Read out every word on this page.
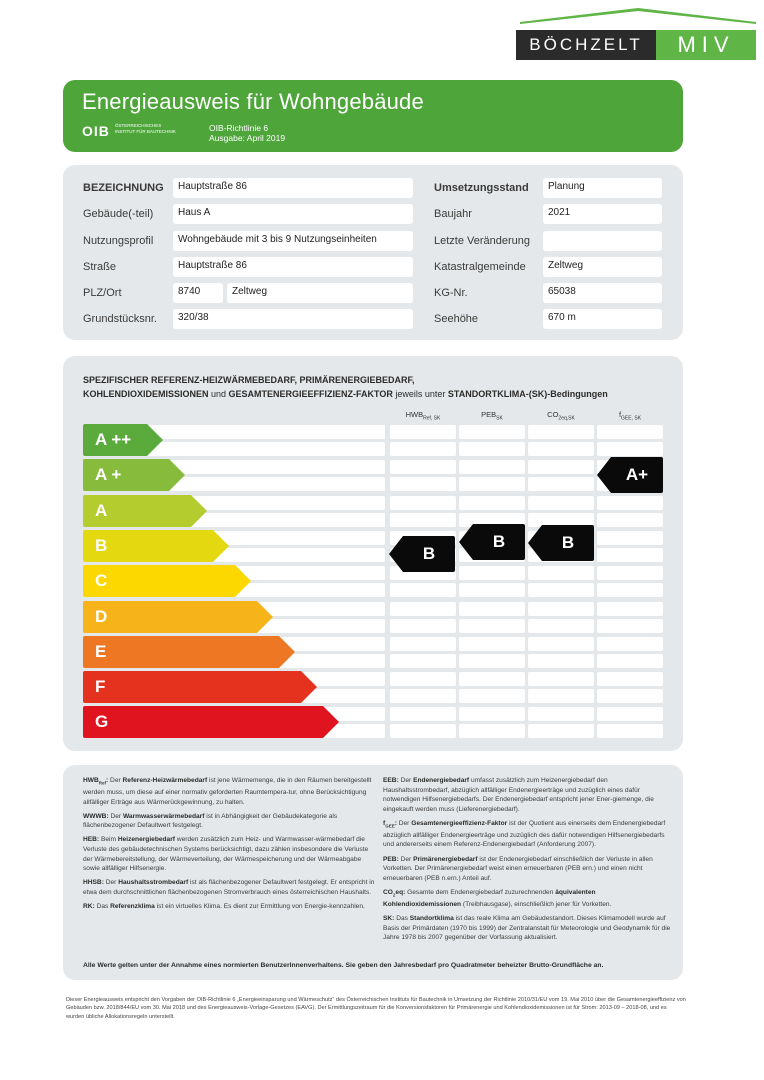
BÖCHZELT	MIV
Energieausweis für Wohngebäude
OIB ÖSTERREICHISCHES
INSTITUT FÜR BAUTECHNIK	OIB-Richtlinie 6
Ausgabe: April 2019
BEZEICHNUNG	Hauptstraße 86
Gebäude(-teil)	Haus A
Nutzungsprofil	Wohngebäude mit 3 bis 9 Nutzungseinheiten
Straße	Hauptstraße 86
PLZ/Ort	8740	Zeltweg
Grundstücksnr.	320/38
Umsetzungsstand	Planung
Baujahr	2021
Letzte Veränderung
Katastralgemeinde	Zeltweg
KG-Nr.	65038
Seehöhe	670 m
SPEZIFISCHER REFERENZ-HEIZWÄRMEBEDARF, PRIMÄRENERGIEBEDARF,
KOHLENDIOXIDEMISSIONEN und GESAMTENERGIEEFFIZIENZ-FAKTOR jeweils unter STANDORTKLIMA-(SK)-Bedingungen
$HWB_{Ref, SK}$	$PEB_{SK}$	$CO_{2eq,SK}$	$f_{GEE, SK}$
A ++
A +
A
B
C
D
E
F
G
B
B	B
A+

$HWB_{Ref}$: Der Referenz-Heizwärmebedarf ist jene Wärmemenge, die in den Räumen bereitgestellt werden muss, um diese auf einer normativ geforderten Raumtempera-tur, ohne Berücksichtigung allfälliger Erträge aus Wärmerückgewinnung, zu halten.

WWWB: Der Warmwasserwärmebedarf ist in Abhängigkeit der Gebäudekategorie als flächenbezogener Defaultwert festgelegt.

HEB: Beim Heizenergiebedarf werden zusätzlich zum Heiz- und Warmwasser-wärmebedarf die Verluste des gebäudetechnischen Systems berücksichtigt, dazu zählen insbesondere die Verluste der Wärmebereitstellung, der Wärmeverteilung, der Wärmespeicherung und der Wärmeabgabe sowie allfälliger Hilfsenergie.

HHSB: Der Haushaltsstrombedarf ist als flächenbezogener Defaultwert festgelegt. Er entspricht in etwa dem durchschnittlichen flächenbezogenen Stromverbrauch eines österreichischen Haushalts.

RK: Das Referenzklima ist ein virtuelles Klima. Es dient zur Ermittlung von Energie-kennzahlen.

EEB: Der Endenergiebedarf umfasst zusätzlich zum Heizenergiebedarf den Haushaltsstrombedarf, abzüglich allfälliger Endenergieerträge und zuzüglich eines dafür notwendigen Hilfsenergiebedarfs. Der Endenergiebedarf entspricht jener Ener-giemenge, die eingekauft werden muss (Lieferenergiebedarf).

$f_{GEE}$: Der Gesamtenergieeffizienz-Faktor ist der Quotient aus einerseits dem Endenergiebedarf abzüglich allfälliger Endenergieerträge und zuzüglich des dafür notwendigen Hilfsenergiebedarfs und andererseits einem Referenz-Endenergiebedarf (Anforderung 2007).

PEB: Der Primärenergiebedarf ist der Endenergiebedarf einschließlich der Verluste in allen Vorketten. Der Primärenergiebedarf weist einen erneuerbaren (PEB ern.) und einen nicht erneuerbaren (PEB n.ern.) Anteil auf.

$CO_2eq$: Gesamte dem Endenergiebedarf zuzurechnenden äquivalenten Kohlendioxidemissionen (Treibhausgase), einschließlich jener für Vorketten.

SK: Das Standortklima ist das reale Klima am Gebäudestandort. Dieses Klimamodell wurde auf Basis der Primärdaten (1970 bis 1999) der Zentralanstalt für Meteorologie und Geodynamik für die Jahre 1978 bis 2007 gegenüber der Vorfassung aktualisiert.

Alle Werte gelten unter der Annahme eines normierten BenutzerInnenverhaltens. Sie geben den Jahresbedarf pro Quadratmeter beheizter Brutto-Grundfläche an.
Dieser Energieausweis entspricht den Vorgaben der OIB-Richtlinie 6 „Energieeinsparung und Wärmeschutz“ des Österreichischen Instituts für Bautechnik in Umsetzung der Richtlinie 2010/31/EU vom 19. Mai 2010 über die Gesamtenergieeffizienz von Gebäuden bzw. 2018/844/EU vom 30. Mai 2018 und des Energieausweis-Vorlage-Gesetzes (EAVG). Der Ermittlungszeitraum für die Konversionsfaktoren für Primärenergie und Kohlendioxidemissionen ist für Strom: 2013-09 – 2018-08, und es wurden übliche Allokationsregeln unterstellt.
